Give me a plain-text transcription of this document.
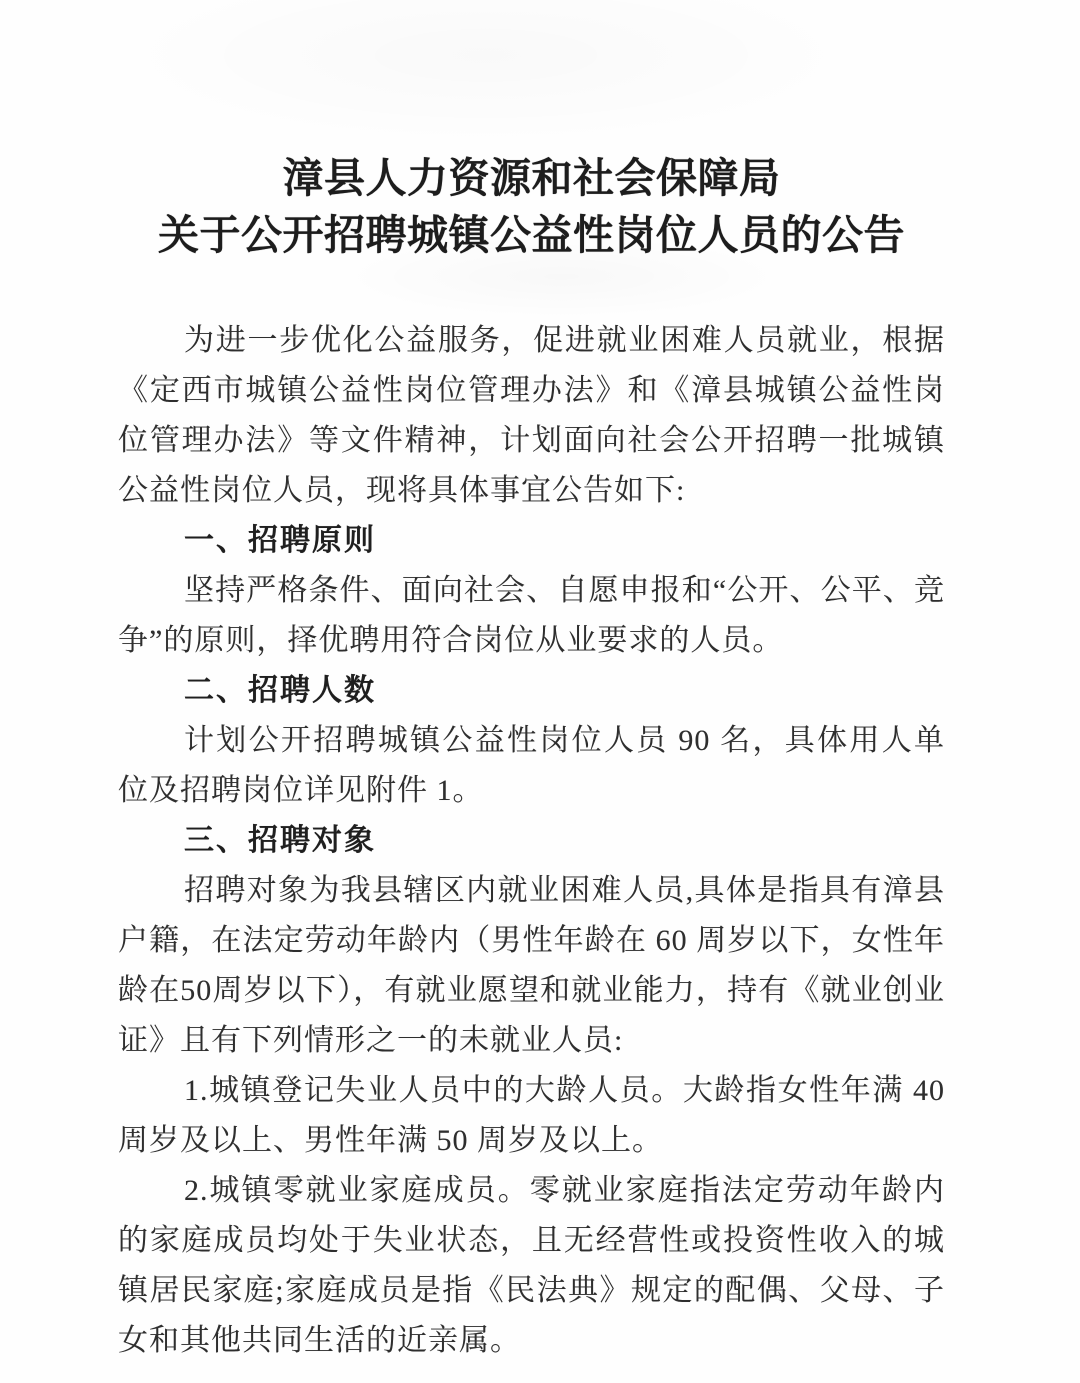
漳县人力资源和社会保障局
关于公开招聘城镇公益性岗位人员的公告

为进一步优化公益服务，促进就业困难人员就业，根据《定西市城镇公益性岗位管理办法》和《漳县城镇公益性岗位管理办法》等文件精神，计划面向社会公开招聘一批城镇公益性岗位人员，现将具体事宜公告如下:

一、招聘原则

坚持严格条件、面向社会、自愿申报和“公开、公平、竞争”的原则，择优聘用符合岗位从业要求的人员。

二、招聘人数

计划公开招聘城镇公益性岗位人员 90 名，具体用人单位及招聘岗位详见附件 1。

三、招聘对象

招聘对象为我县辖区内就业困难人员,具体是指具有漳县户籍，在法定劳动年龄内（男性年龄在 60 周岁以下，女性年龄在50周岁以下），有就业愿望和就业能力，持有《就业创业证》且有下列情形之一的未就业人员:

1.城镇登记失业人员中的大龄人员。大龄指女性年满 40 周岁及以上、男性年满 50 周岁及以上。

2.城镇零就业家庭成员。零就业家庭指法定劳动年龄内的家庭成员均处于失业状态，且无经营性或投资性收入的城镇居民家庭;家庭成员是指《民法典》规定的配偶、父母、子女和其他共同生活的近亲属。
